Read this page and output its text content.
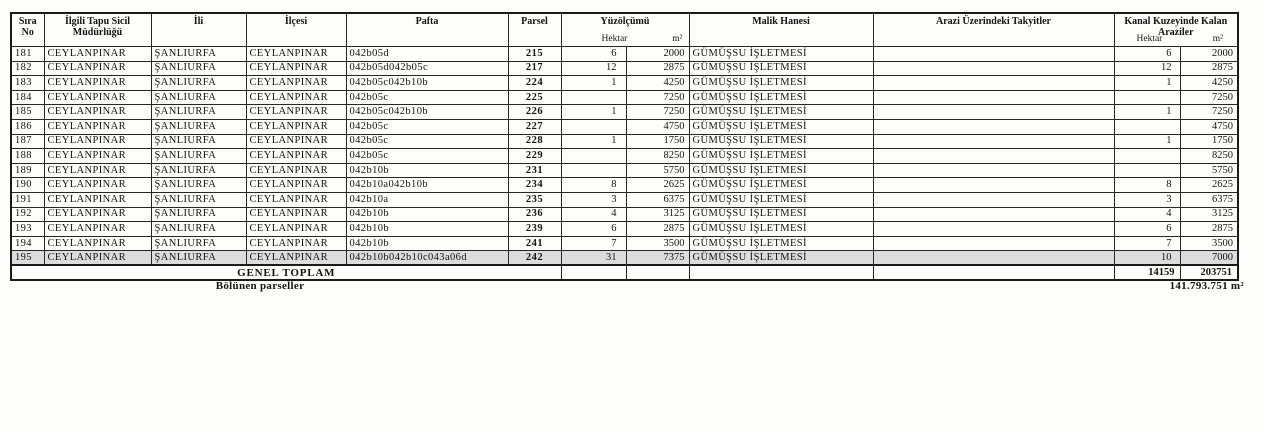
Sıra No	İlgili Tapu Sicil Müdürlüğü	İli	İlçesi	Pafta	Parsel	Yüzölçümü
Hektar m²		Malik Hanesi	Arazi Üzerindeki Takyitler	Kanal Kuzeyinde Kalan Araziler
Hektar m²	

181	CEYLANPINAR	ŞANLIURFA	CEYLANPINAR	042b05d	215	6	2000	GÜMÜŞSU İŞLETMESİ		6	2000
182	CEYLANPINAR	ŞANLIURFA	CEYLANPINAR	042b05d042b05c	217	12	2875	GÜMÜŞSU İŞLETMESİ		12	2875
183	CEYLANPINAR	ŞANLIURFA	CEYLANPINAR	042b05c042b10b	224	1	4250	GÜMÜŞSU İŞLETMESİ		1	4250
184	CEYLANPINAR	ŞANLIURFA	CEYLANPINAR	042b05c	225		7250	GÜMÜŞSU İŞLETMESİ			7250
185	CEYLANPINAR	ŞANLIURFA	CEYLANPINAR	042b05c042b10b	226	1	7250	GÜMÜŞSU İŞLETMESİ		1	7250
186	CEYLANPINAR	ŞANLIURFA	CEYLANPINAR	042b05c	227		4750	GÜMÜŞSU İŞLETMESİ			4750
187	CEYLANPINAR	ŞANLIURFA	CEYLANPINAR	042b05c	228	1	1750	GÜMÜŞSU İŞLETMESİ		1	1750
188	CEYLANPINAR	ŞANLIURFA	CEYLANPINAR	042b05c	229		8250	GÜMÜŞSU İŞLETMESİ			8250
189	CEYLANPINAR	ŞANLIURFA	CEYLANPINAR	042b10b	231		5750	GÜMÜŞSU İŞLETMESİ			5750
190	CEYLANPINAR	ŞANLIURFA	CEYLANPINAR	042b10a042b10b	234	8	2625	GÜMÜŞSU İŞLETMESİ		8	2625
191	CEYLANPINAR	ŞANLIURFA	CEYLANPINAR	042b10a	235	3	6375	GÜMÜŞSU İŞLETMESİ		3	6375
192	CEYLANPINAR	ŞANLIURFA	CEYLANPINAR	042b10b	236	4	3125	GÜMÜŞSU İŞLETMESİ		4	3125
193	CEYLANPINAR	ŞANLIURFA	CEYLANPINAR	042b10b	239	6	2875	GÜMÜŞSU İŞLETMESİ		6	2875
194	CEYLANPINAR	ŞANLIURFA	CEYLANPINAR	042b10b	241	7	3500	GÜMÜŞSU İŞLETMESİ		7	3500
195	CEYLANPINAR	ŞANLIURFA	CEYLANPINAR	042b10b042b10c043a06d	242	31	7375	GÜMÜŞSU İŞLETMESİ		10	7000
GENEL TOPLAM										14159	203751
Bölünen parseller	141.793.751 m²
